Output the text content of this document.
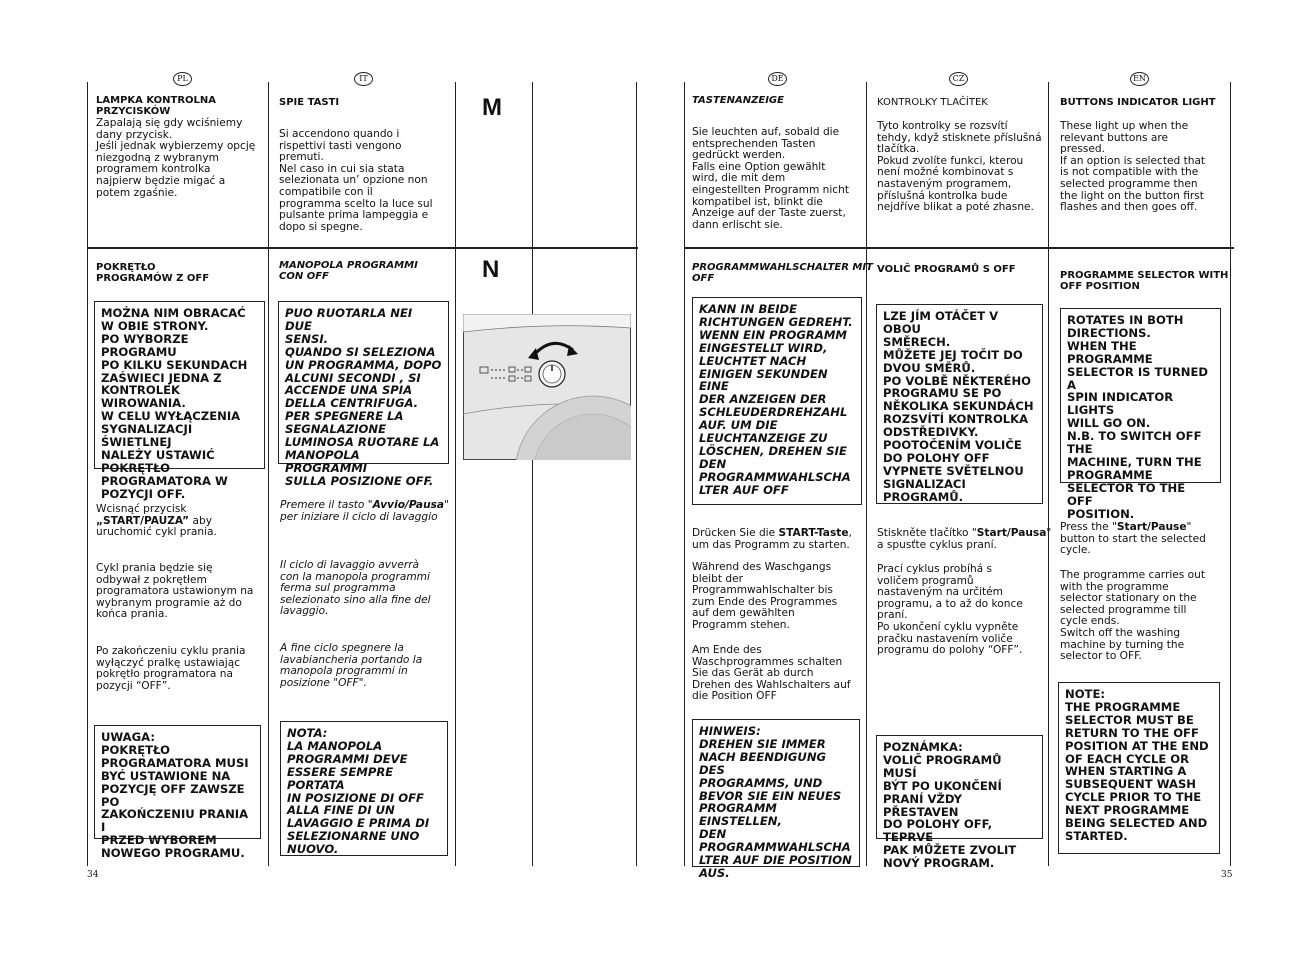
PL	IT
M
N
LAMPKA KONTROLNA
PRZYCISKÓW
Zapalają się gdy wciśniemy
dany przycisk.
Jeśli jednak wybierzemy opcję
niezgodną z wybranym
programem kontrolka
najpierw będzie migać a
potem zgaśnie.
SPIE TASTI
Si accendono quando i
rispettivi tasti vengono
premuti.
Nel caso in cui sia stata
selezionata un’ opzione non
compatibile con il
programma scelto la luce sul
pulsante prima lampeggia e
dopo si spegne.
POKRĘTŁO
PROGRAMÓW Z OFF
MOŻNA NIM OBRACAĆ
W OBIE STRONY.
PO WYBORZE PROGRAMU
PO KILKU SEKUNDACH
ZAŚWIECI JEDNA Z
KONTROLEK WIROWANIA.
W CELU WYŁĄCZENIA
SYGNALIZACJI ŚWIETLNEJ
NALEŻY USTAWIĆ
POKRĘTŁO
PROGRAMATORA W
POZYCJI OFF.
Wcisnąć przycisk
„START/PAUZA” aby
uruchomić cykl prania.
Cykl prania będzie się
odbywał z pokrętłem
programatora ustawionym na
wybranym programie aż do
końca prania.
Po zakończeniu cyklu prania
wyłączyć pralkę ustawiając
pokrętło programatora na
pozycji “OFF”.
UWAGA:
POKRĘTŁO
PROGRAMATORA MUSI
BYĆ USTAWIONE NA
POZYCJĘ OFF ZAWSZE PO
ZAKOŃCZENIU PRANIA I
PRZED WYBOREM
NOWEGO PROGRAMU.
MANOPOLA PROGRAMMI
CON OFF
PUO RUOTARLA NEI DUE
SENSI.
QUANDO SI SELEZIONA
UN PROGRAMMA, DOPO
ALCUNI SECONDI , SI
ACCENDE UNA SPIA
DELLA CENTRIFUGA.
PER SPEGNERE LA
SEGNALAZIONE
LUMINOSA RUOTARE LA
MANOPOLA PROGRAMMI
SULLA POSIZIONE OFF.
Premere il tasto "Avvio/Pausa"
per iniziare il ciclo di lavaggio
Il ciclo di lavaggio avverrà
con la manopola programmi
ferma sul programma
selezionato sino alla fine del
lavaggio.
A fine ciclo spegnere la
lavabiancheria portando la
manopola programmi in
posizione "OFF".
NOTA:
LA MANOPOLA
PROGRAMMI DEVE
ESSERE SEMPRE PORTATA
IN POSIZIONE DI OFF
ALLA FINE DI UN
LAVAGGIO E PRIMA DI
SELEZIONARNE UNO
NUOVO.
34
DE	CZ	EN
TASTENANZEIGE
Sie leuchten auf, sobald die
entsprechenden Tasten
gedrückt werden.
Falls eine Option gewählt
wird, die mit dem
eingestellten Programm nicht
kompatibel ist, blinkt die
Anzeige auf der Taste zuerst,
dann erlischt sie.
KONTROLKY TLAČÍTEK
Tyto kontrolky se rozsvítí
tehdy, když stisknete příslušná
tlačítka.
Pokud zvolíte funkci, kterou
není možné kombinovat s
nastaveným programem,
příslušná kontrolka bude
nejdříve blikat a poté zhasne.
BUTTONS INDICATOR LIGHT
These light up when the
relevant buttons are
pressed.
If an option is selected that
is not compatible with the
selected programme then
the light on the button first
flashes and then goes off.
PROGRAMMWAHLSCHALTER MIT
OFF
KANN IN BEIDE
RICHTUNGEN GEDREHT.
WENN EIN PROGRAMM
EINGESTELLT WIRD,
LEUCHTET NACH
EINIGEN SEKUNDEN EINE
DER ANZEIGEN DER
SCHLEUDERDREHZAHL
AUF. UM DIE
LEUCHTANZEIGE ZU
LÖSCHEN, DREHEN SIE
DEN
PROGRAMMWAHLSCHA
LTER AUF OFF
Drücken Sie die START-Taste,
um das Programm zu starten.
Während des Waschgangs
bleibt der
Programmwahlschalter bis
zum Ende des Programmes
auf dem gewählten
Programm stehen.
Am Ende des
Waschprogrammes schalten
Sie das Gerät ab durch
Drehen des Wahlschalters auf
die Position OFF
HINWEIS:
DREHEN SIE IMMER
NACH BEENDIGUNG DES
PROGRAMMS, UND
BEVOR SIE EIN NEUES
PROGRAMM EINSTELLEN,
DEN
PROGRAMMWAHLSCHA
LTER AUF DIE POSITION
AUS.
VOLIČ PROGRAMŮ S OFF
LZE JÍM OTÁČET V OBOU
SMĚRECH.
MŮŽETE JEJ TOČIT DO
DVOU SMĚRŮ.
PO VOLBĚ NĚKTERÉHO
PROGRAMU SE PO
NĚKOLIKA SEKUNDÁCH
ROZSVÍTÍ KONTROLKA
ODSTŘEDIVKY.
POOTOČENÍM VOLIČE
DO POLOHY OFF
VYPNETE SVĚTELNOU
SIGNALIZACI
PROGRAMŮ.
Stiskněte tlačítko "Start/Pausa"
a spusťte cyklus praní.
Prací cyklus probíhá s
voličem programů
nastaveným na určitém
programu, a to až do konce
praní.
Po ukončení cyklu vypněte
pračku nastavením voliče
programu do polohy “OFF”.
POZNÁMKA:
VOLIČ PROGRAMŮ MUSÍ
BÝT PO UKONČENÍ
PRANÍ VŽDY PŘESTAVEN
DO POLOHY OFF, TEPRVE
PAK MŮŽETE ZVOLIT
NOVÝ PROGRAM.
PROGRAMME SELECTOR WITH
OFF POSITION
ROTATES IN BOTH
DIRECTIONS.
WHEN THE
PROGRAMME
SELECTOR IS TURNED A
SPIN INDICATOR LIGHTS
WILL GO ON.
N.B. TO SWITCH OFF THE
MACHINE, TURN THE
PROGRAMME
SELECTOR TO THE OFF
POSITION.
Press the "Start/Pause"
button to start the selected
cycle.
The programme carries out
with the programme
selector stationary on the
selected programme till
cycle ends.
Switch off the washing
machine by turning the
selector to OFF.
NOTE:
THE PROGRAMME
SELECTOR MUST BE
RETURN TO THE OFF
POSITION AT THE END
OF EACH CYCLE OR
WHEN STARTING A
SUBSEQUENT WASH
CYCLE PRIOR TO THE
NEXT PROGRAMME
BEING SELECTED AND
STARTED.
35
